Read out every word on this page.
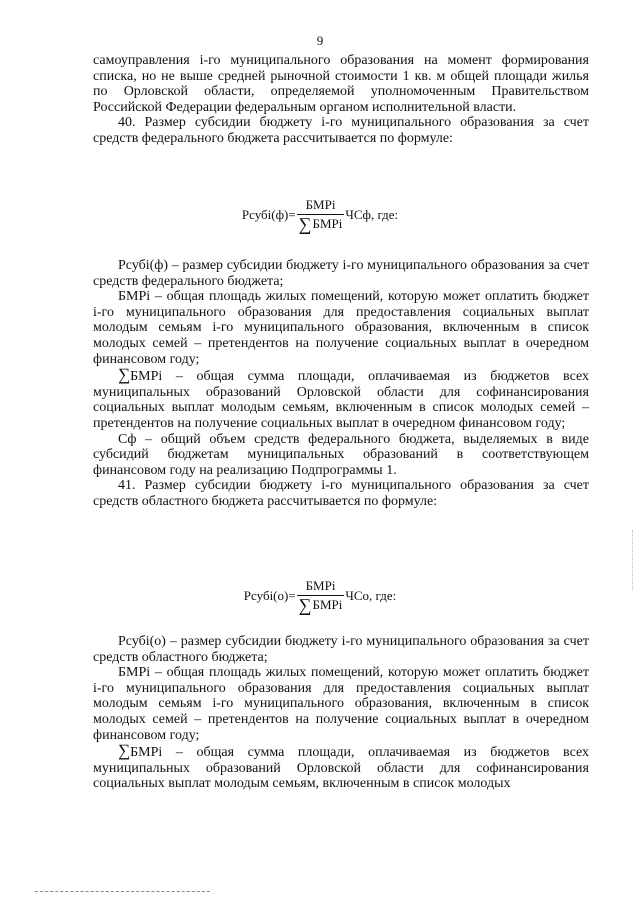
9

самоуправления i-го муниципального образования на момент формирования списка, но не выше средней рыночной стоимости 1 кв. м общей площади жилья по Орловской области, определяемой уполномоченным Правительством Российской Федерации федеральным органом исполнительной власти.

40. Размер субсидии бюджету i-го муниципального образования за счет средств федерального бюджета рассчитывается по формуле:

Рсубі(ф)= $\frac{\text{БМРі}}{\text{∑ БМРі}}$ ЧСф , где:

Рсубі(ф) – размер субсидии бюджету i-го муниципального образования за счет средств федерального бюджета;

БМРі – общая площадь жилых помещений, которую может оплатить бюджет i-го муниципального образования для предоставления социальных выплат молодым семьям i-го муниципального образования, включенным в список молодых семей – претендентов на получение социальных выплат в очередном финансовом году;

∑БМРі – общая сумма площади, оплачиваемая из бюджетов всех муниципальных образований Орловской области для софинансирования социальных выплат молодым семьям, включенным в список молодых семей – претендентов на получение социальных выплат в очередном финансовом году;

Сф – общий объем средств федерального бюджета, выделяемых в виде субсидий бюджетам муниципальных образований в соответствующем финансовом году на реализацию Подпрограммы 1.

41. Размер субсидии бюджету i-го муниципального образования за счет средств областного бюджета рассчитывается по формуле:

Рсубі(о)= $\frac{\text{БМРі}}{\text{∑ БМРі}}$ ЧСо , где:

Рсубі(о) – размер субсидии бюджету i-го муниципального образования за счет средств областного бюджета;

БМРі – общая площадь жилых помещений, которую может оплатить бюджет i-го муниципального образования для предоставления социальных выплат молодым семьям i-го муниципального образования, включенным в список молодых семей – претендентов на получение социальных выплат в очередном финансовом году;

∑БМРі – общая сумма площади, оплачиваемая из бюджетов всех муниципальных образований Орловской области для софинансирования социальных выплат молодым семьям, включенным в список молодых
